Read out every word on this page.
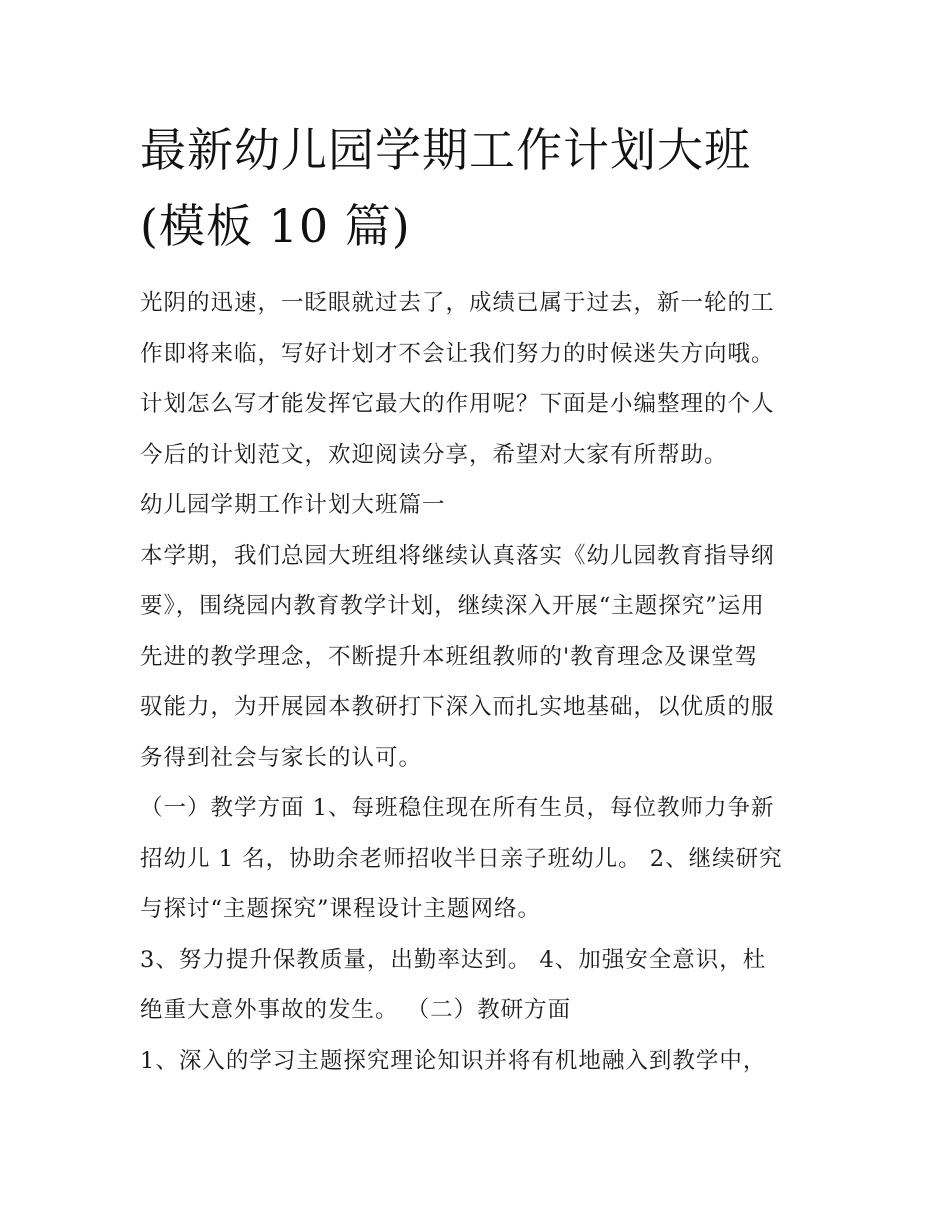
最新幼儿园学期工作计划大班
(模板 10 篇)
光阴的迅速，一眨眼就过去了，成绩已属于过去，新一轮的工
作即将来临，写好计划才不会让我们努力的时候迷失方向哦。
计划怎么写才能发挥它最大的作用呢？下面是小编整理的个人
今后的计划范文，欢迎阅读分享，希望对大家有所帮助。
幼儿园学期工作计划大班篇一
本学期，我们总园大班组将继续认真落实《幼儿园教育指导纲
要》，围绕园内教育教学计划，继续深入开展“主题探究”运用
先进的教学理念，不断提升本班组教师的'教育理念及课堂驾
驭能力，为开展园本教研打下深入而扎实地基础，以优质的服
务得到社会与家长的认可。
（一）教学方面 1、每班稳住现在所有生员，每位教师力争新
招幼儿 1 名，协助余老师招收半日亲子班幼儿。 2、继续研究
与探讨“主题探究”课程设计主题网络。
3、努力提升保教质量，出勤率达到。 4、加强安全意识，杜
绝重大意外事故的发生。 （二）教研方面
1、深入的学习主题探究理论知识并将有机地融入到教学中，
